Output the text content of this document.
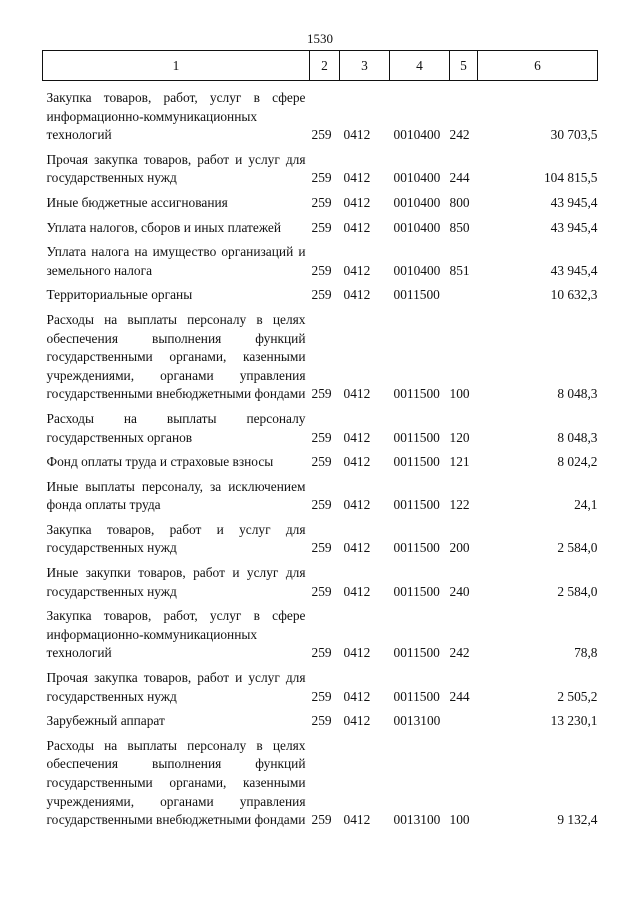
1530
1	2	3	4	5	6
Закупка товаров, работ, услуг в сфере информационно-коммуникационных технологий	259	0412	0010400	242	30 703,5
Прочая закупка товаров, работ и услуг для государственных нужд	259	0412	0010400	244	104 815,5
Иные бюджетные ассигнования	259	0412	0010400	800	43 945,4
Уплата налогов, сборов и иных платежей	259	0412	0010400	850	43 945,4
Уплата налога на имущество организаций и земельного налога	259	0412	0010400	851	43 945,4
Территориальные органы	259	0412	0011500		10 632,3
Расходы на выплаты персоналу в целях обеспечения выполнения функций государственными органами, казенными учреждениями, органами управления государственными внебюджетными фондами	259	0412	0011500	100	8 048,3
Расходы на выплаты персоналу государственных органов	259	0412	0011500	120	8 048,3
Фонд оплаты труда и страховые взносы	259	0412	0011500	121	8 024,2
Иные выплаты персоналу, за исключением фонда оплаты труда	259	0412	0011500	122	24,1
Закупка товаров, работ и услуг для государственных нужд	259	0412	0011500	200	2 584,0
Иные закупки товаров, работ и услуг для государственных нужд	259	0412	0011500	240	2 584,0
Закупка товаров, работ, услуг в сфере информационно-коммуникационных технологий	259	0412	0011500	242	78,8
Прочая закупка товаров, работ и услуг для государственных нужд	259	0412	0011500	244	2 505,2
Зарубежный аппарат	259	0412	0013100		13 230,1
Расходы на выплаты персоналу в целях обеспечения выполнения функций государственными органами, казенными учреждениями, органами управления государственными внебюджетными фондами	259	0412	0013100	100	9 132,4
